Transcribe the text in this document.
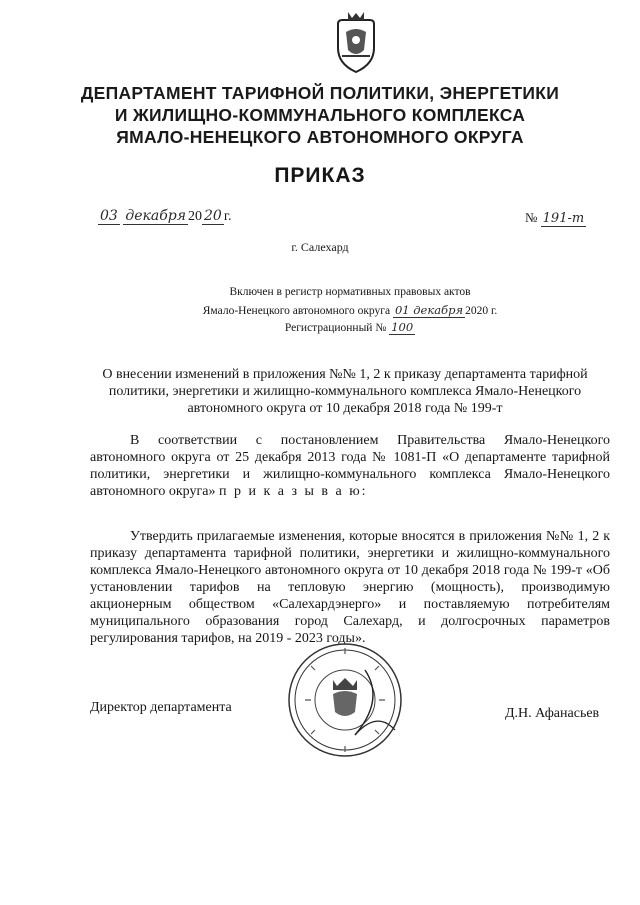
ДЕПАРТАМЕНТ ТАРИФНОЙ ПОЛИТИКИ, ЭНЕРГЕТИКИ
И ЖИЛИЩНО-КОММУНАЛЬНОГО КОМПЛЕКСА
ЯМАЛО-НЕНЕЦКОГО АВТОНОМНОГО ОКРУГА
ПРИКАЗ
03 декабря 20 20 г.	№ 191-т
г. Салехард
Включен в регистр нормативных правовых актов
Ямало-Ненецкого автономного округа 01 декабря 2020 г.
Регистрационный № 100
О внесении изменений в приложения №№ 1, 2 к приказу департамента тарифной политики, энергетики и жилищно-коммунального комплекса Ямало-Ненецкого автономного округа от 10 декабря 2018 года № 199-т
В соответствии с постановлением Правительства Ямало-Ненецкого автономного округа от 25 декабря 2013 года № 1081-П «О департаменте тарифной политики, энергетики и жилищно-коммунального комплекса Ямало-Ненецкого автономного округа» п р и к а з ы в а ю:
Утвердить прилагаемые изменения, которые вносятся в приложения №№ 1, 2 к приказу департамента тарифной политики, энергетики и жилищно-коммунального комплекса Ямало-Ненецкого автономного округа от 10 декабря 2018 года № 199-т «Об установлении тарифов на тепловую энергию (мощность), производимую акционерным обществом «Салехардэнерго» и поставляемую потребителям муниципального образования город Салехард, и долгосрочных параметров регулирования тарифов, на 2019 - 2023 годы».
Директор департамента	Д.Н. Афанасьев
